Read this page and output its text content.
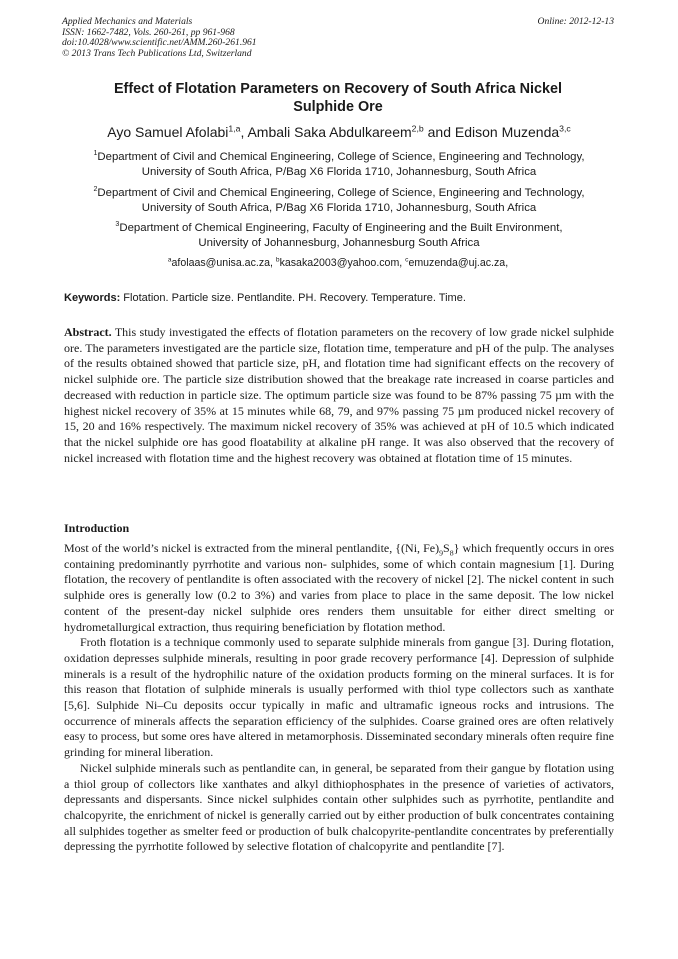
Applied Mechanics and Materials
ISSN: 1662-7482, Vols. 260-261, pp 961-968
doi:10.4028/www.scientific.net/AMM.260-261.961
© 2013 Trans Tech Publications Ltd, Switzerland
Online: 2012-12-13
Effect of Flotation Parameters on Recovery of South Africa Nickel
Sulphide Ore
Ayo Samuel Afolabi$^{1,a}$, Ambali Saka Abdulkareem$^{2,b}$ and Edison Muzenda$^{3,c}$
$^1$Department of Civil and Chemical Engineering, College of Science, Engineering and Technology,
University of South Africa, P/Bag X6 Florida 1710, Johannesburg, South Africa
$^2$Department of Civil and Chemical Engineering, College of Science, Engineering and Technology,
University of South Africa, P/Bag X6 Florida 1710, Johannesburg, South Africa
$^3$Department of Chemical Engineering, Faculty of Engineering and the Built Environment,
University of Johannesburg, Johannesburg South Africa
$^a$afolaas@unisa.ac.za, $^b$kasaka2003@yahoo.com, $^c$emuzenda@uj.ac.za,
Keywords: Flotation. Particle size. Pentlandite. PH. Recovery. Temperature. Time.
Abstract. This study investigated the effects of flotation parameters on the recovery of low grade nickel sulphide ore. The parameters investigated are the particle size, flotation time, temperature and pH of the pulp. The analyses of the results obtained showed that particle size, pH, and flotation time had significant effects on the recovery of nickel sulphide ore. The particle size distribution showed that the breakage rate increased in coarse particles and decreased with reduction in particle size. The optimum particle size was found to be 87% passing 75 µm with the highest nickel recovery of 35% at 15 minutes while 68, 79, and 97% passing 75 µm produced nickel recovery of 15, 20 and 16% respectively. The maximum nickel recovery of 35% was achieved at pH of 10.5 which indicated that the nickel sulphide ore has good floatability at alkaline pH range. It was also observed that the recovery of nickel increased with flotation time and the highest recovery was obtained at flotation time of 15 minutes.
Introduction

Most of the world’s nickel is extracted from the mineral pentlandite, {(Ni, $Fe)_9S_8$} which frequently occurs in ores containing predominantly pyrrhotite and various non- sulphides, some of which contain magnesium [1]. During flotation, the recovery of pentlandite is often associated with the recovery of nickel [2]. The nickel content in such sulphide ores is generally low (0.2 to 3%) and varies from place to place in the same deposit. The low nickel content of the present-day nickel sulphide ores renders them unsuitable for either direct smelting or hydrometallurgical extraction, thus requiring beneficiation by flotation method.

Froth flotation is a technique commonly used to separate sulphide minerals from gangue [3]. During flotation, oxidation depresses sulphide minerals, resulting in poor grade recovery performance [4]. Depression of sulphide minerals is a result of the hydrophilic nature of the oxidation products forming on the mineral surfaces. It is for this reason that flotation of sulphide minerals is usually performed with thiol type collectors such as xanthate [5,6]. Sulphide Ni–Cu deposits occur typically in mafic and ultramafic igneous rocks and intrusions. The occurrence of minerals affects the separation efficiency of the sulphides. Coarse grained ores are often relatively easy to process, but some ores have altered in metamorphosis. Disseminated secondary minerals often require fine grinding for mineral liberation.

Nickel sulphide minerals such as pentlandite can, in general, be separated from their gangue by flotation using a thiol group of collectors like xanthates and alkyl dithiophosphates in the presence of varieties of activators, depressants and dispersants. Since nickel sulphides contain other sulphides such as pyrrhotite, pentlandite and chalcopyrite, the enrichment of nickel is generally carried out by either production of bulk concentrates containing all sulphides together as smelter feed or production of bulk chalcopyrite-pentlandite concentrates by preferentially depressing the pyrrhotite followed by selective flotation of chalcopyrite and pentlandite [7].
